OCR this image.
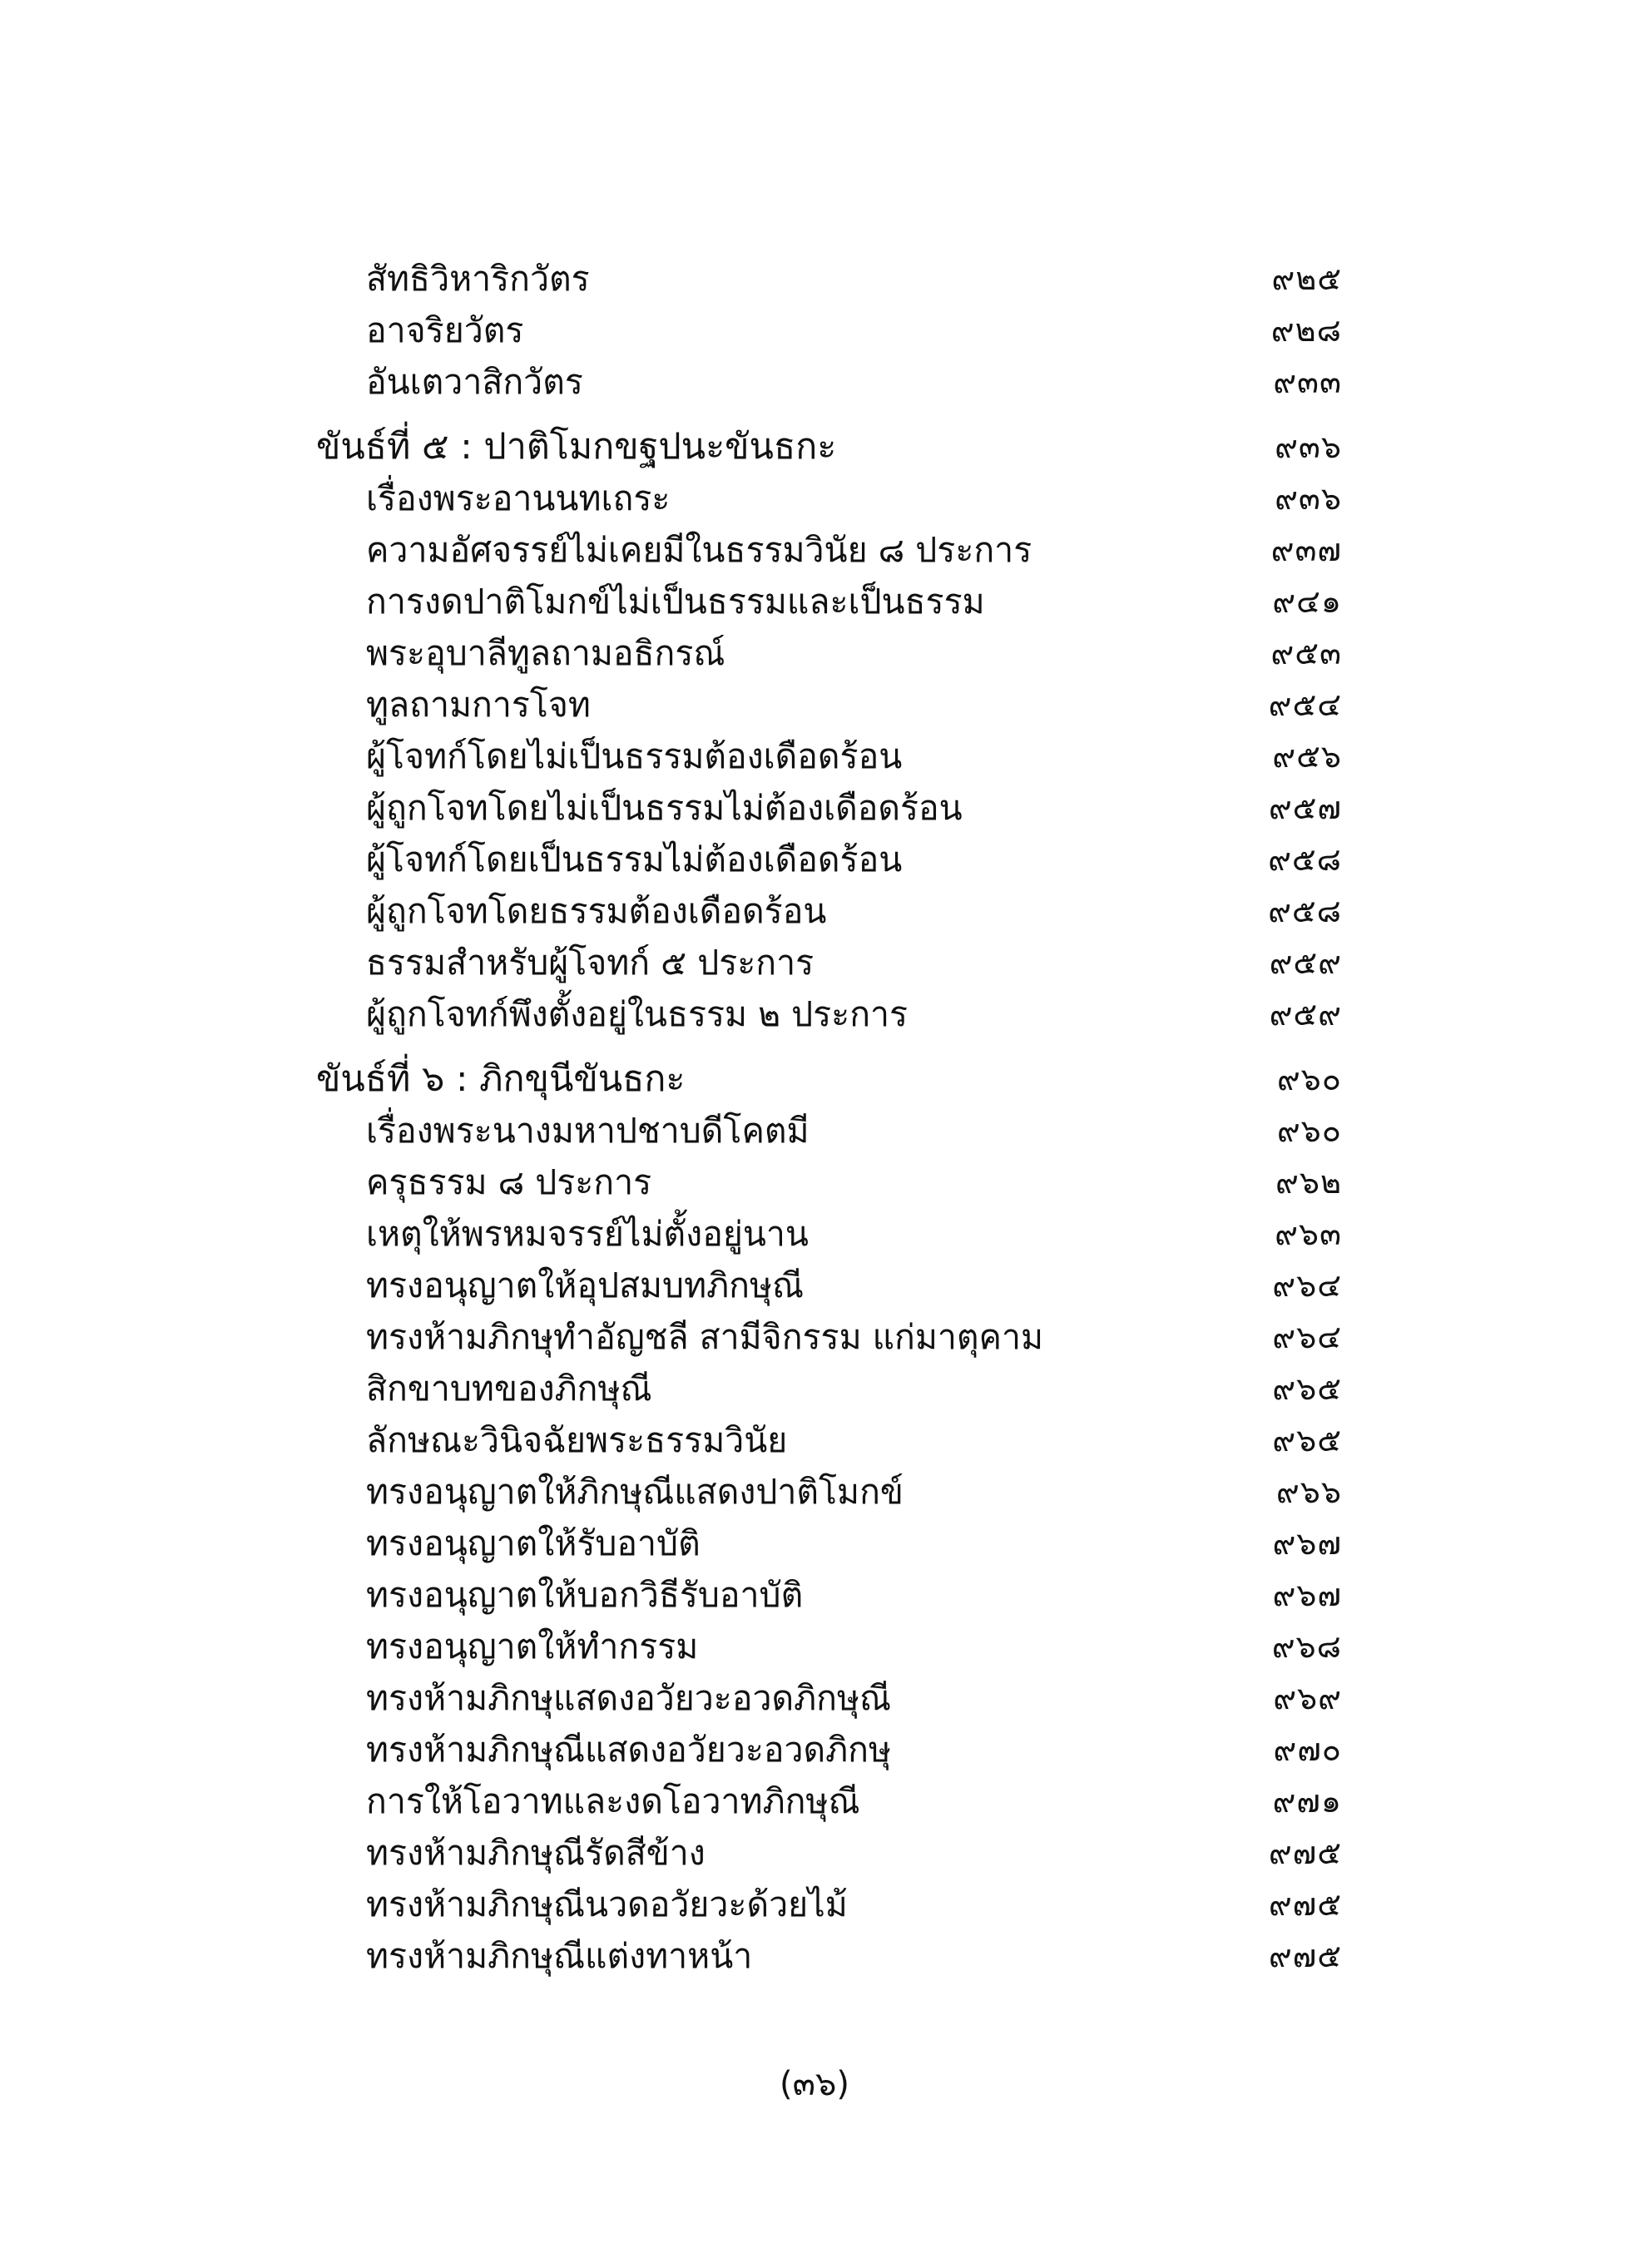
สัทธิวิหาริกวัตร	๙๒๕
อาจริยวัตร	๙๒๘
อันเตวาสิกวัตร	๙๓๓
ขันธ์ที่ ๕ : ปาติโมกขฐปนะขันธกะ	๙๓๖
เรื่องพระอานนทเถระ	๙๓๖
ความอัศจรรย์ไม่เคยมีในธรรมวินัย ๘ ประการ	๙๓๗
การงดปาติโมกข์ไม่เป็นธรรมและเป็นธรรม	๙๔๑
พระอุบาลีทูลถามอธิกรณ์	๙๕๓
ทูลถามการโจท	๙๕๔
ผู้โจทก์โดยไม่เป็นธรรมต้องเดือดร้อน	๙๕๖
ผู้ถูกโจทโดยไม่เป็นธรรมไม่ต้องเดือดร้อน	๙๕๗
ผู้โจทก์โดยเป็นธรรมไม่ต้องเดือดร้อน	๙๕๘
ผู้ถูกโจทโดยธรรมต้องเดือดร้อน	๙๕๘
ธรรมสำหรับผู้โจทก์ ๕ ประการ	๙๕๙
ผู้ถูกโจทก์พึงตั้งอยู่ในธรรม ๒ ประการ	๙๕๙
ขันธ์ที่ ๖ : ภิกขุนีขันธกะ	๙๖๐
เรื่องพระนางมหาปชาบดีโคตมี	๙๖๐
ครุธรรม ๘ ประการ	๙๖๒
เหตุให้พรหมจรรย์ไม่ตั้งอยู่นาน	๙๖๓
ทรงอนุญาตให้อุปสมบทภิกษุณี	๙๖๔
ทรงห้ามภิกษุทำอัญชลี สามีจิกรรม แก่มาตุคาม	๙๖๔
สิกขาบทของภิกษุณี	๙๖๕
ลักษณะวินิจฉัยพระธรรมวินัย	๙๖๕
ทรงอนุญาตให้ภิกษุณีแสดงปาติโมกข์	๙๖๖
ทรงอนุญาตให้รับอาบัติ	๙๖๗
ทรงอนุญาตให้บอกวิธีรับอาบัติ	๙๖๗
ทรงอนุญาตให้ทำกรรม	๙๖๘
ทรงห้ามภิกษุแสดงอวัยวะอวดภิกษุณี	๙๖๙
ทรงห้ามภิกษุณีแสดงอวัยวะอวดภิกษุ	๙๗๐
การให้โอวาทและงดโอวาทภิกษุณี	๙๗๑
ทรงห้ามภิกษุณีรัดสีข้าง	๙๗๕
ทรงห้ามภิกษุณีนวดอวัยวะด้วยไม้	๙๗๕
ทรงห้ามภิกษุณีแต่งทาหน้า	๙๗๕
(๓๖)
